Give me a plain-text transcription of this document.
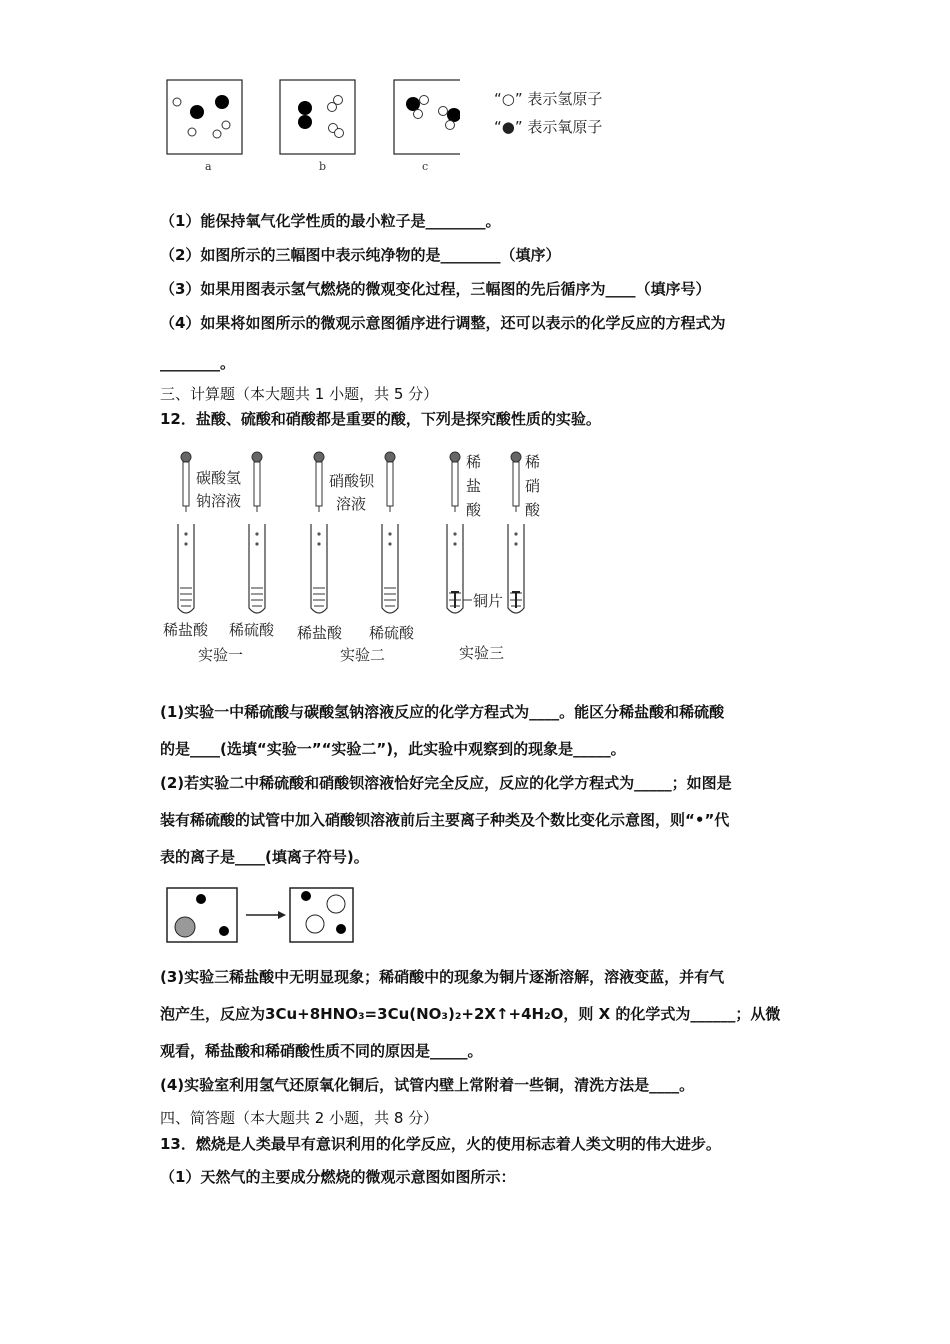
a	b	c
“○” 表示氢原子
“●” 表示氧原子
（1）能保持氧气化学性质的最小粒子是________。
（2）如图所示的三幅图中表示纯净物的是________（填序）
（3）如果用图表示氢气燃烧的微观变化过程，三幅图的先后循序为____（填序号）
（4）如果将如图所示的微观示意图循序进行调整，还可以表示的化学反应的方程式为
________。
三、计算题（本大题共 1 小题，共 5 分）
12．盐酸、硫酸和硝酸都是重要的酸，下列是探究酸性质的实验。
碳酸氢
钠溶液
硝酸钡
溶液
稀
盐
酸
稀
硝
酸
铜片
稀盐酸 稀硫酸 稀盐酸 稀硫酸
实验一	实验二	实验三
(1)实验一中稀硫酸与碳酸氢钠溶液反应的化学方程式为____。能区分稀盐酸和稀硫酸
的是____(选填“实验一”“实验二”)，此实验中观察到的现象是_____。
(2)若实验二中稀硫酸和硝酸钡溶液恰好完全反应，反应的化学方程式为_____；如图是
装有稀硫酸的试管中加入硝酸钡溶液前后主要离子种类及个数比变化示意图，则“•”代
表的离子是____(填离子符号)。
(3)实验三稀盐酸中无明显现象；稀硝酸中的现象为铜片逐渐溶解，溶液变蓝，并有气
泡产生，反应为3Cu+8HNO₃=3Cu(NO₃)₂+2X↑+4H₂O，则 X 的化学式为______；从微
观看，稀盐酸和稀硝酸性质不同的原因是_____。
(4)实验室利用氢气还原氧化铜后，试管内壁上常附着一些铜，清洗方法是____。
四、简答题（本大题共 2 小题，共 8 分）
13．燃烧是人类最早有意识利用的化学反应，火的使用标志着人类文明的伟大进步。
（1）天然气的主要成分燃烧的微观示意图如图所示：
